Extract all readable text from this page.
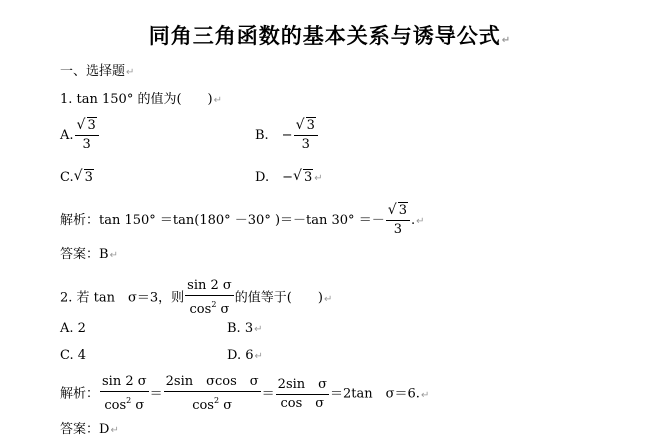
同角三角函数的基本关系与诱导公式↵
一、选择题↵
1. tan 150° 的值为(　　)↵
A. $\frac{√ 3}{3}$	B.　− $\frac{√ 3}{3}$
C. √ 3	D.　− √ 3 ↵
解析：tan 150° ＝tan(180° －30° )＝－tan $30^\circ =- \frac{√ 3}{3}$ .↵
答案：B↵
2. 若 tan　σ＝3，则 $\frac{\sin 2 \sigma}{\cos^2 \sigma}$ 的值等于(　　)↵
A. 2	B. 3↵
C. 4	D. 6↵
解析： $\frac{\sin 2 \sigma}{\cos^2 \sigma} = \frac{\text{2sin　σcos　σ}}{\cos^2 \sigma} = \frac{\text{2sin　σ}}{\text{cos　σ}} =2\tan$　σ＝6.↵
答案：D↵
